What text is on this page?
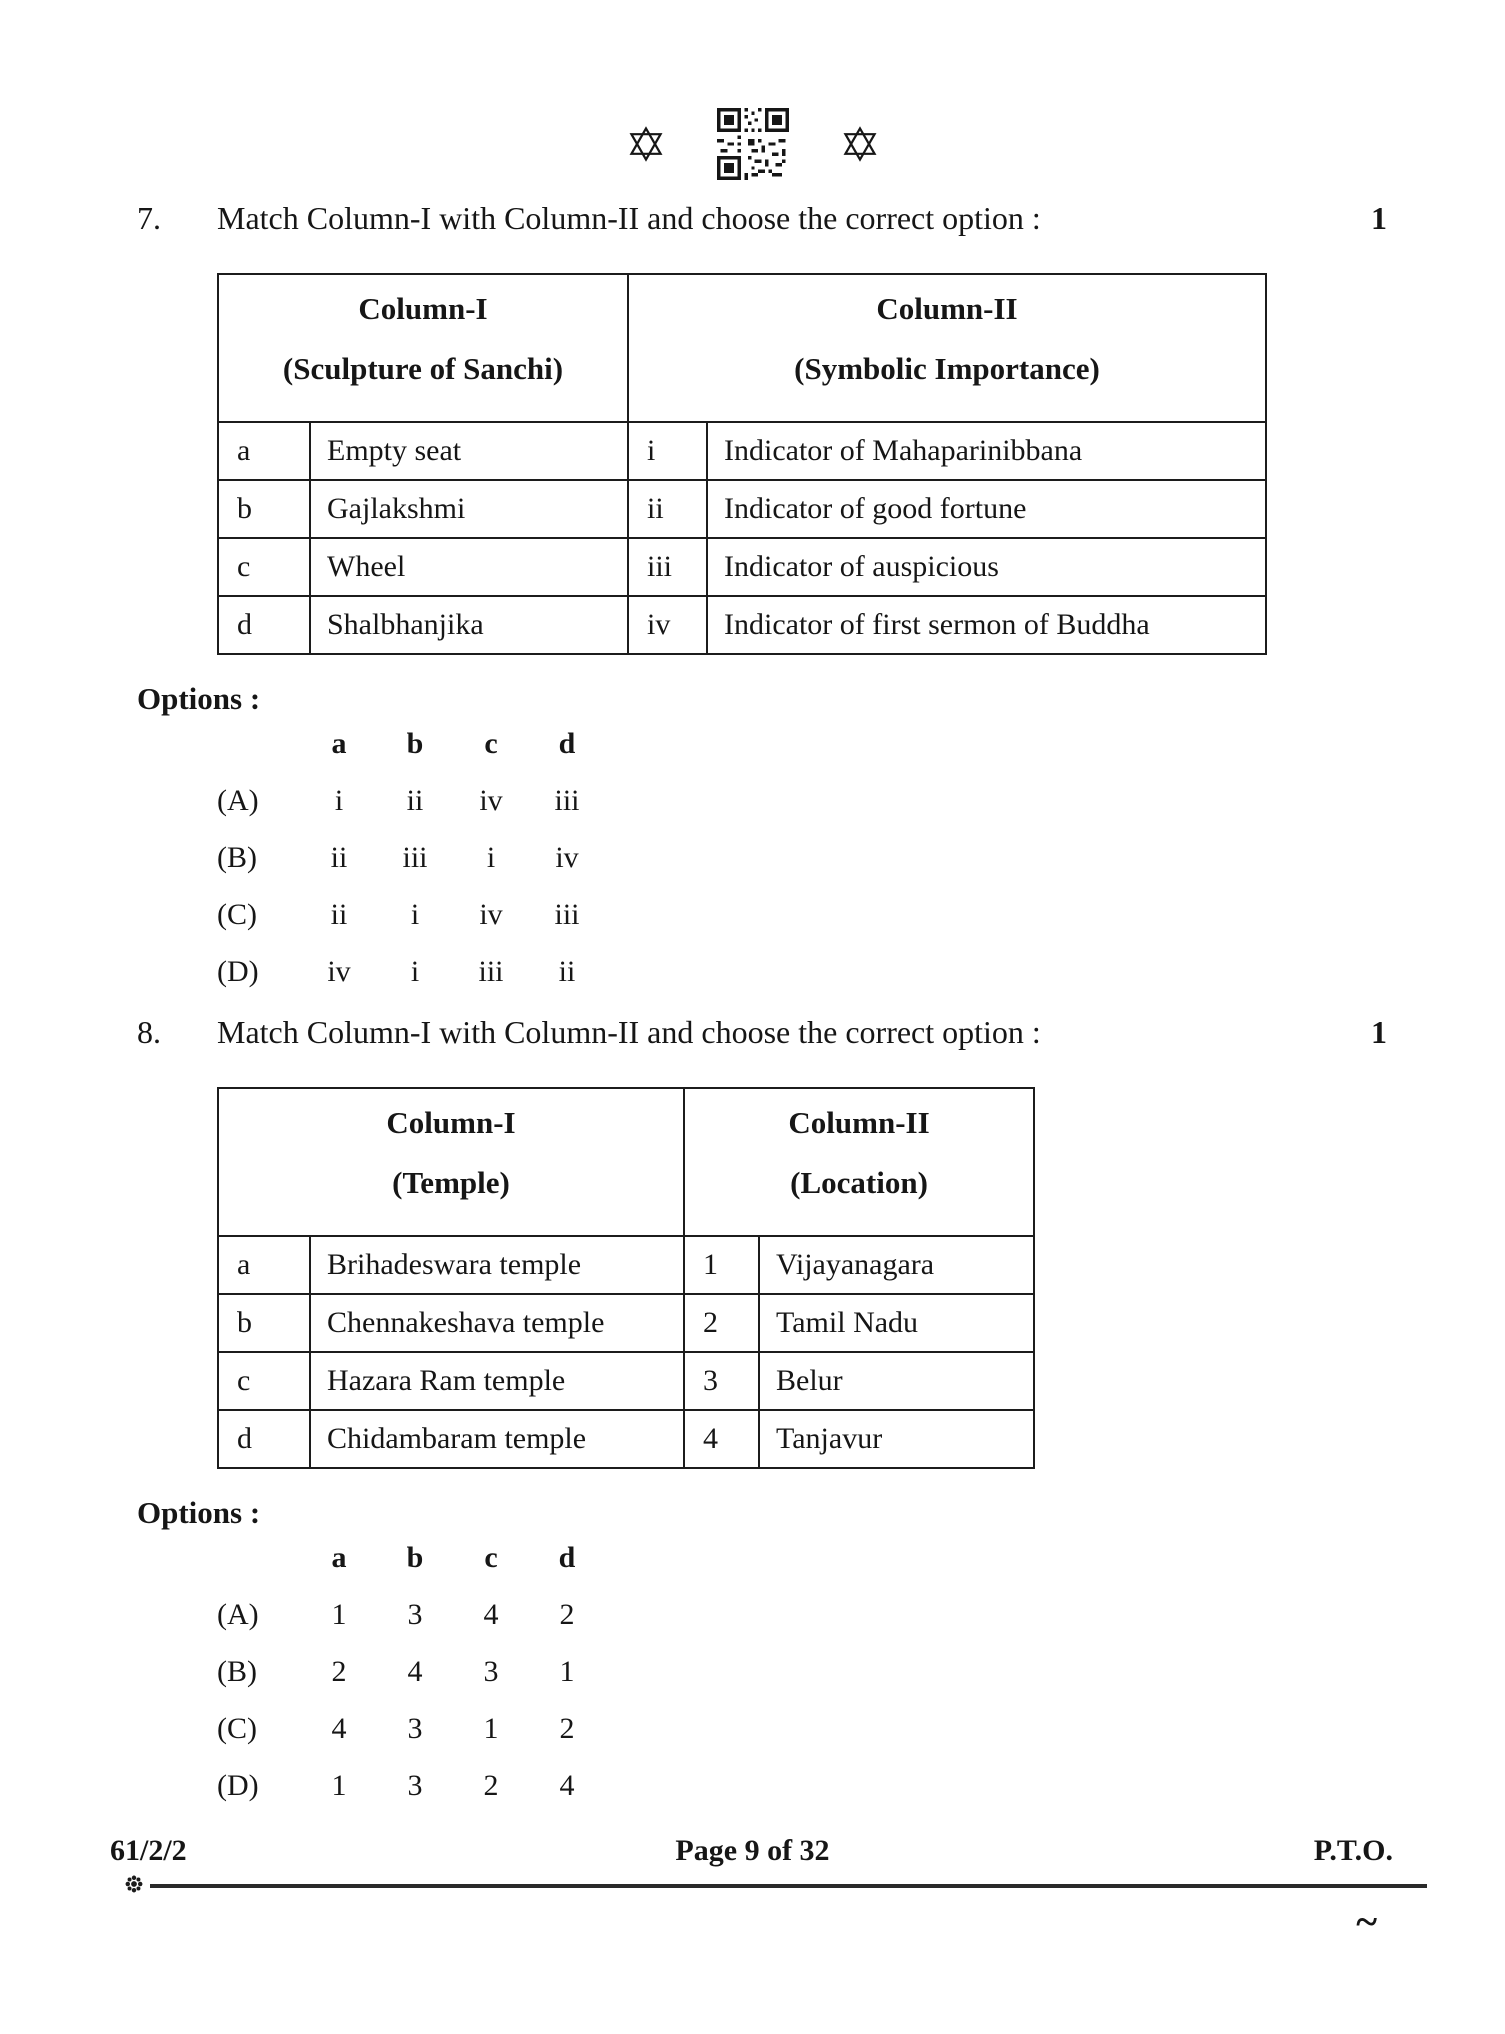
7.	Match Column-I with Column-II and choose the correct option :	1
Column-I
(Sculpture of Sanchi)

Column-II
(Symbolic Importance)

a	Empty seat	i	Indicator of Mahaparinibbana
b	Gajlakshmi	ii	Indicator of good fortune
c	Wheel	iii	Indicator of auspicious
d	Shalbhanjika	iv	Indicator of first sermon of Buddha
Options :
a	b	c	d
(A)	i	ii	iv	iii
(B)	ii	iii	i	iv
(C)	ii	i	iv	iii
(D)	iv	i	iii	ii
8.	Match Column-I with Column-II and choose the correct option :	1
Column-I
(Temple)

Column-II
(Location)

a	Brihadeswara temple	1	Vijayanagara
b	Chennakeshava temple	2	Tamil Nadu
c	Hazara Ram temple	3	Belur
d	Chidambaram temple	4	Tanjavur
Options :
a	b	c	d
(A)	1	3	4	2
(B)	2	4	3	1
(C)	4	3	1	2
(D)	1	3	2	4
61/2/2	Page 9 of 32	P.T.O.
~
